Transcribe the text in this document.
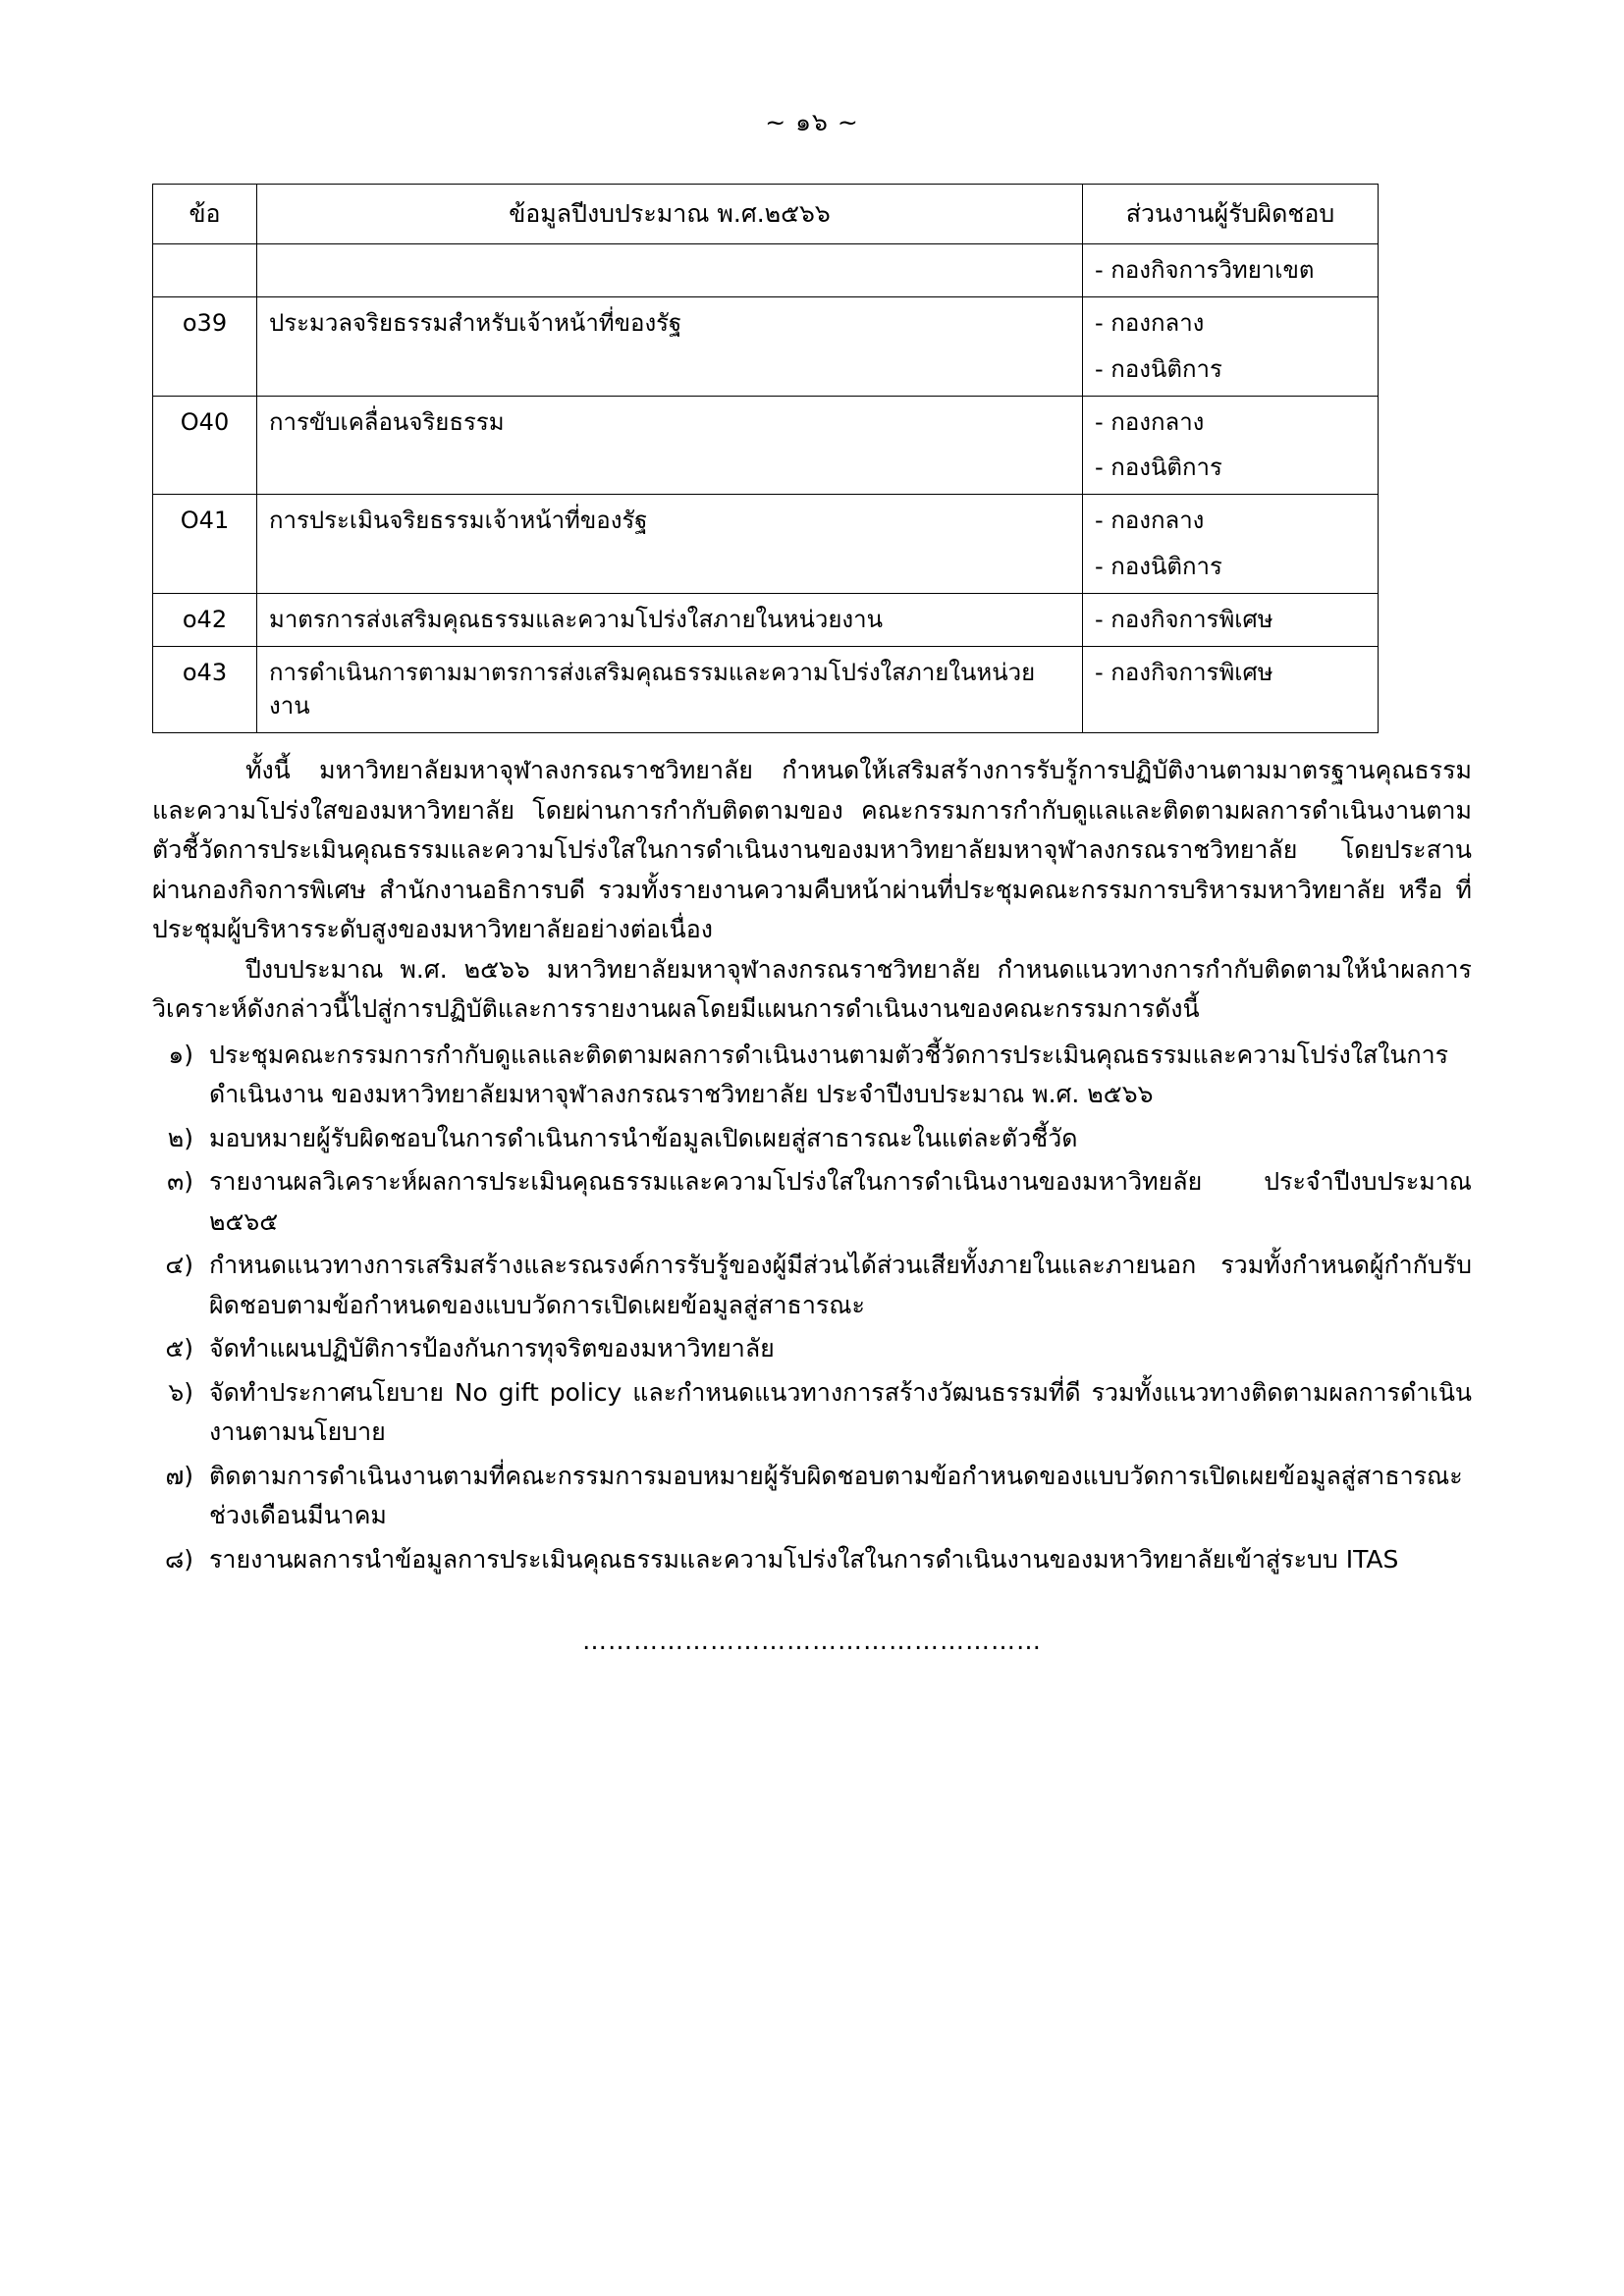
~ ๑๖ ~
ข้อ	ข้อมูลปีงบประมาณ พ.ศ.๒๕๖๖	ส่วนงานผู้รับผิดชอบ

		- กองกิจการวิทยาเขต

o39	ประมวลจริยธรรมสำหรับเจ้าหน้าที่ของรัฐ	- กองกลาง
- กองนิติการ

O40	การขับเคลื่อนจริยธรรม	- กองกลาง
- กองนิติการ

O41	การประเมินจริยธรรมเจ้าหน้าที่ของรัฐ	- กองกลาง
- กองนิติการ

o42	มาตรการส่งเสริมคุณธรรมและความโปร่งใสภายในหน่วยงาน	- กองกิจการพิเศษ

o43	การดำเนินการตามมาตรการส่งเสริมคุณธรรมและความโปร่งใสภายในหน่วยงาน	- กองกิจการพิเศษ

ทั้งนี้ มหาวิทยาลัยมหาจุฬาลงกรณราชวิทยาลัย กำหนดให้เสริมสร้างการรับรู้การปฏิบัติงานตามมาตรฐานคุณธรรมและความโปร่งใสของมหาวิทยาลัย โดยผ่านการกำกับติดตามของ คณะกรรมการกำกับดูแลและติดตามผลการดำเนินงานตามตัวชี้วัดการประเมินคุณธรรมและความโปร่งใสในการดำเนินงานของมหาวิทยาลัยมหาจุฬาลงกรณราชวิทยาลัย โดยประสานผ่านกองกิจการพิเศษ สำนักงานอธิการบดี รวมทั้งรายงานความคืบหน้าผ่านที่ประชุมคณะกรรมการบริหารมหาวิทยาลัย หรือ ที่ประชุมผู้บริหารระดับสูงของมหาวิทยาลัยอย่างต่อเนื่อง

ปีงบประมาณ พ.ศ. ๒๕๖๖ มหาวิทยาลัยมหาจุฬาลงกรณราชวิทยาลัย กำหนดแนวทางการกำกับติดตามให้นำผลการวิเคราะห์ดังกล่าวนี้ไปสู่การปฏิบัติและการรายงานผลโดยมีแผนการดำเนินงานของคณะกรรมการดังนี้

๑) ประชุมคณะกรรมการกำกับดูแลและติดตามผลการดำเนินงานตามตัวชี้วัดการประเมินคุณธรรมและความโปร่งใสในการดำเนินงาน ของมหาวิทยาลัยมหาจุฬาลงกรณราชวิทยาลัย ประจำปีงบประมาณ พ.ศ. ๒๕๖๖
๒) มอบหมายผู้รับผิดชอบในการดำเนินการนำข้อมูลเปิดเผยสู่สาธารณะในแต่ละตัวชี้วัด
๓) รายงานผลวิเคราะห์ผลการประเมินคุณธรรมและความโปร่งใสในการดำเนินงานของมหาวิทยลัย ประจำปีงบประมาณ ๒๕๖๕
๔) กำหนดแนวทางการเสริมสร้างและรณรงค์การรับรู้ของผู้มีส่วนได้ส่วนเสียทั้งภายในและภายนอก รวมทั้งกำหนดผู้กำกับรับผิดชอบตามข้อกำหนดของแบบวัดการเปิดเผยข้อมูลสู่สาธารณะ
๕) จัดทำแผนปฏิบัติการป้องกันการทุจริตของมหาวิทยาลัย
๖) จัดทำประกาศนโยบาย No gift policy และกำหนดแนวทางการสร้างวัฒนธรรมที่ดี รวมทั้งแนวทางติดตามผลการดำเนินงานตามนโยบาย
๗) ติดตามการดำเนินงานตามที่คณะกรรมการมอบหมายผู้รับผิดชอบตามข้อกำหนดของแบบวัดการเปิดเผยข้อมูลสู่สาธารณะ ช่วงเดือนมีนาคม
๘) รายงานผลการนำข้อมูลการประเมินคุณธรรมและความโปร่งใสในการดำเนินงานของมหาวิทยาลัยเข้าสู่ระบบ ITAS
………………………………………………
